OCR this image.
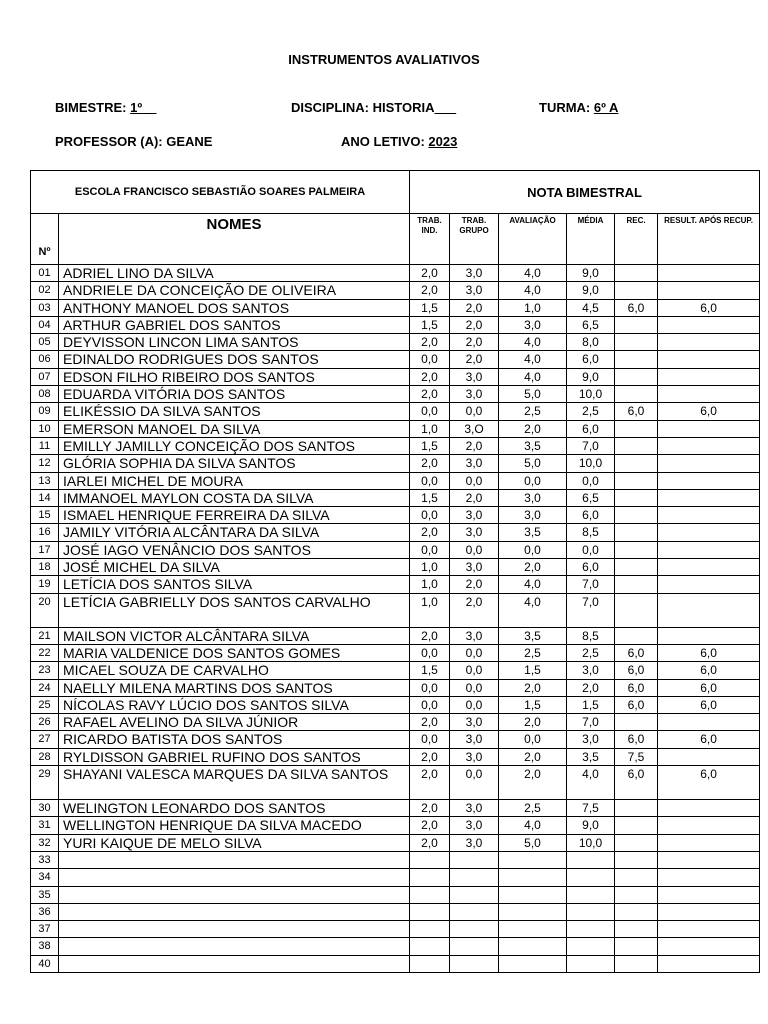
INSTRUMENTOS AVALIATIVOS
BIMESTRE: 1º	DISCIPLINA: HISTORIA	TURMA: 6º A
PROFESSOR (A): GEANE	ANO LETIVO: 2023
ESCOLA FRANCISCO SEBASTIÃO SOARES PALMEIRA		NOTA BIMESTRAL					
Nº	NOMES	TRAB. IND.	TRAB. GRUPO	AVALIAÇÃO	MÉDIA	REC.	RESULT. APÓS RECUP.
01	ADRIEL LINO DA SILVA	2,0	3,0	4,0	9,0		
02	ANDRIELE DA CONCEIÇÃO DE OLIVEIRA	2,0	3,0	4,0	9,0		
03	ANTHONY MANOEL DOS SANTOS	1,5	2,0	1,0	4,5	6,0	6,0
04	ARTHUR GABRIEL DOS SANTOS	1,5	2,0	3,0	6,5		
05	DEYVISSON LINCON LIMA SANTOS	2,0	2,0	4,0	8,0		
06	EDINALDO RODRIGUES DOS SANTOS	0,0	2,0	4,0	6,0		
07	EDSON FILHO RIBEIRO DOS SANTOS	2,0	3,0	4,0	9,0		
08	EDUARDA VITÓRIA DOS SANTOS	2,0	3,0	5,0	10,0		
09	ELIKÉSSIO DA SILVA SANTOS	0,0	0,0	2,5	2,5	6,0	6,0
10	EMERSON MANOEL DA SILVA	1,0	3,O	2,0	6,0		
11	EMILLY JAMILLY CONCEIÇÃO DOS SANTOS	1,5	2,0	3,5	7,0		
12	GLÓRIA SOPHIA DA SILVA SANTOS	2,0	3,0	5,0	10,0		
13	IARLEI MICHEL DE MOURA	0,0	0,0	0,0	0,0		
14	IMMANOEL MAYLON COSTA DA SILVA	1,5	2,0	3,0	6,5		
15	ISMAEL HENRIQUE FERREIRA DA SILVA	0,0	3,0	3,0	6,0		
16	JAMILY VITÓRIA ALCÂNTARA DA SILVA	2,0	3,0	3,5	8,5		
17	JOSÉ IAGO VENÂNCIO DOS SANTOS	0,0	0,0	0,0	0,0		
18	JOSÉ MICHEL DA SILVA	1,0	3,0	2,0	6,0		
19	LETÍCIA DOS SANTOS SILVA	1,0	2,0	4,0	7,0		
20	LETÍCIA GABRIELLY DOS SANTOS CARVALHO	1,0	2,0	4,0	7,0		
21	MAILSON VICTOR ALCÂNTARA SILVA	2,0	3,0	3,5	8,5		
22	MARIA VALDENICE DOS SANTOS GOMES	0,0	0,0	2,5	2,5	6,0	6,0
23	MICAEL SOUZA DE CARVALHO	1,5	0,0	1,5	3,0	6,0	6,0
24	NAELLY MILENA MARTINS DOS SANTOS	0,0	0,0	2,0	2,0	6,0	6,0
25	NÍCOLAS RAVY LÚCIO DOS SANTOS SILVA	0,0	0,0	1,5	1,5	6,0	6,0
26	RAFAEL AVELINO DA SILVA JÚNIOR	2,0	3,0	2,0	7,0		
27	RICARDO BATISTA DOS SANTOS	0,0	3,0	0,0	3,0	6,0	6,0
28	RYLDISSON GABRIEL RUFINO DOS SANTOS	2,0	3,0	2,0	3,5	7,5	
29	SHAYANI VALESCA MARQUES DA SILVA SANTOS	2,0	0,0	2,0	4,0	6,0	6,0
30	WELINGTON LEONARDO DOS SANTOS	2,0	3,0	2,5	7,5		
31	WELLINGTON HENRIQUE DA SILVA MACEDO	2,0	3,0	4,0	9,0		
32	YURI KAIQUE DE MELO SILVA	2,0	3,0	5,0	10,0		
33							
34							
35							
36							
37							
38							
40							
